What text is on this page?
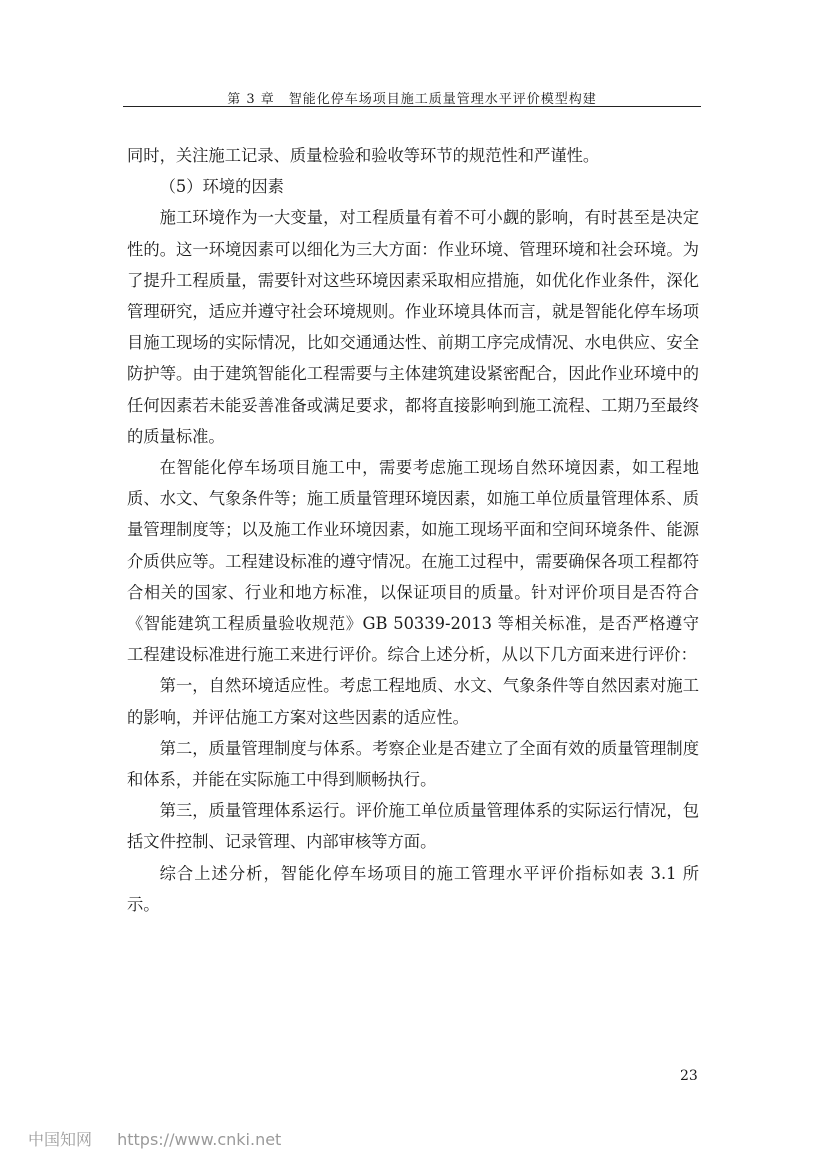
第 3 章　智能化停车场项目施工质量管理水平评价模型构建

同时，关注施工记录、质量检验和验收等环节的规范性和严谨性。

（5）环境的因素

施工环境作为一大变量，对工程质量有着不可小觑的影响，有时甚至是决定性的。这一环境因素可以细化为三大方面：作业环境、管理环境和社会环境。为了提升工程质量，需要针对这些环境因素采取相应措施，如优化作业条件，深化管理研究，适应并遵守社会环境规则。作业环境具体而言，就是智能化停车场项目施工现场的实际情况，比如交通通达性、前期工序完成情况、水电供应、安全防护等。由于建筑智能化工程需要与主体建筑建设紧密配合，因此作业环境中的任何因素若未能妥善准备或满足要求，都将直接影响到施工流程、工期乃至最终的质量标准。

在智能化停车场项目施工中，需要考虑施工现场自然环境因素，如工程地质、水文、气象条件等；施工质量管理环境因素，如施工单位质量管理体系、质量管理制度等；以及施工作业环境因素，如施工现场平面和空间环境条件、能源介质供应等。工程建设标准的遵守情况。在施工过程中，需要确保各项工程都符合相关的国家、行业和地方标准，以保证项目的质量。针对评价项目是否符合《智能建筑工程质量验收规范》GB 50339-2013 等相关标准，是否严格遵守工程建设标准进行施工来进行评价。综合上述分析，从以下几方面来进行评价：

第一，自然环境适应性。考虑工程地质、水文、气象条件等自然因素对施工的影响，并评估施工方案对这些因素的适应性。

第二，质量管理制度与体系。考察企业是否建立了全面有效的质量管理制度和体系，并能在实际施工中得到顺畅执行。

第三，质量管理体系运行。评价施工单位质量管理体系的实际运行情况，包括文件控制、记录管理、内部审核等方面。

综合上述分析，智能化停车场项目的施工管理水平评价指标如表 3.1 所示。

23
中国知网 https://www.cnki.net
